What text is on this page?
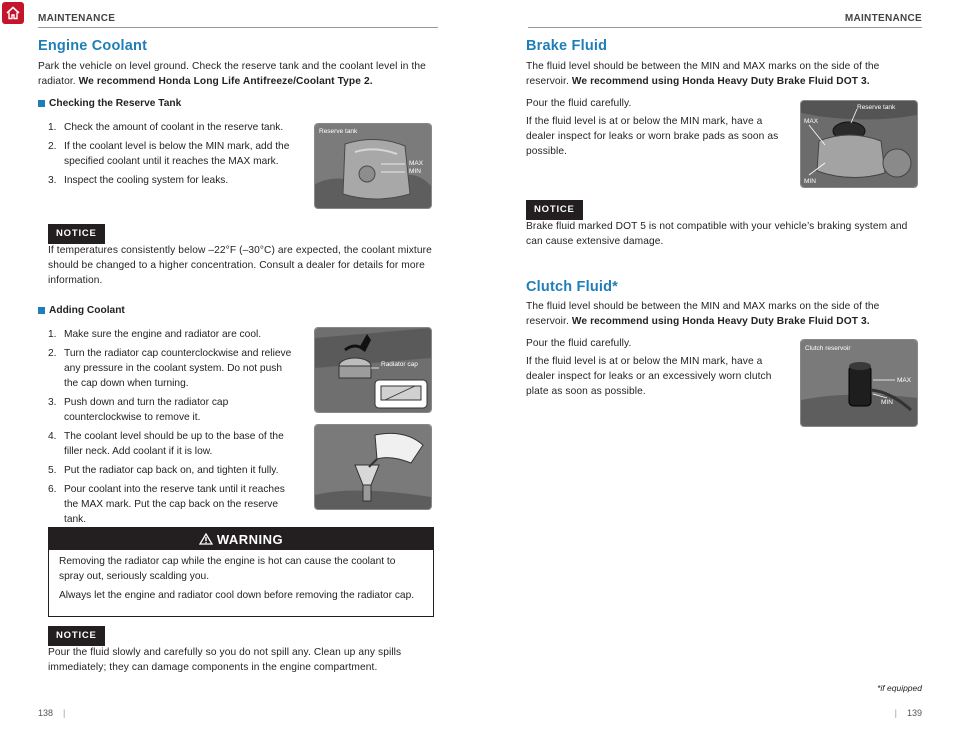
MAINTENANCE
Engine Coolant
Park the vehicle on level ground. Check the reserve tank and the coolant level in the radiator. We recommend Honda Long Life Antifreeze/Coolant Type 2.
Checking the Reserve Tank
1. Check the amount of coolant in the reserve tank.
2. If the coolant level is below the MIN mark, add the specified coolant until it reaches the MAX mark.
3. Inspect the cooling system for leaks.
Reserve tank
MAX
MIN
NOTICE
If temperatures consistently below –22°F (–30°C) are expected, the coolant mixture should be changed to a higher concentration. Consult a dealer for details for more information.
Adding Coolant
1. Make sure the engine and radiator are cool.
2. Turn the radiator cap counterclockwise and relieve any pressure in the coolant system. Do not push the cap down when turning.
3. Push down and turn the radiator cap counterclockwise to remove it.
4. The coolant level should be up to the base of the filler neck. Add coolant if it is low.
5. Put the radiator cap back on, and tighten it fully.
6. Pour coolant into the reserve tank until it reaches the MAX mark. Put the cap back on the reserve tank.
Radiator cap
WARNING

Removing the radiator cap while the engine is hot can cause the coolant to spray out, seriously scalding you.

Always let the engine and radiator cool down before removing the radiator cap.

NOTICE
Pour the fluid slowly and carefully so you do not spill any. Clean up any spills immediately; they can damage components in the engine compartment.
138 |
MAINTENANCE
Brake Fluid
The fluid level should be between the MIN and MAX marks on the side of the reservoir. We recommend using Honda Heavy Duty Brake Fluid DOT 3.
Pour the fluid carefully.
If the fluid level is at or below the MIN mark, have a dealer inspect for leaks or worn brake pads as soon as possible.
Reserve tank
MAX
MIN
NOTICE
Brake fluid marked DOT 5 is not compatible with your vehicle’s braking system and can cause extensive damage.
Clutch Fluid*
The fluid level should be between the MIN and MAX marks on the side of the reservoir. We recommend using Honda Heavy Duty Brake Fluid DOT 3.
Pour the fluid carefully.
If the fluid level is at or below the MIN mark, have a dealer inspect for leaks or an excessively worn clutch plate as soon as possible.
Clutch reservoir
MAX
MIN
*if equipped
| 139
